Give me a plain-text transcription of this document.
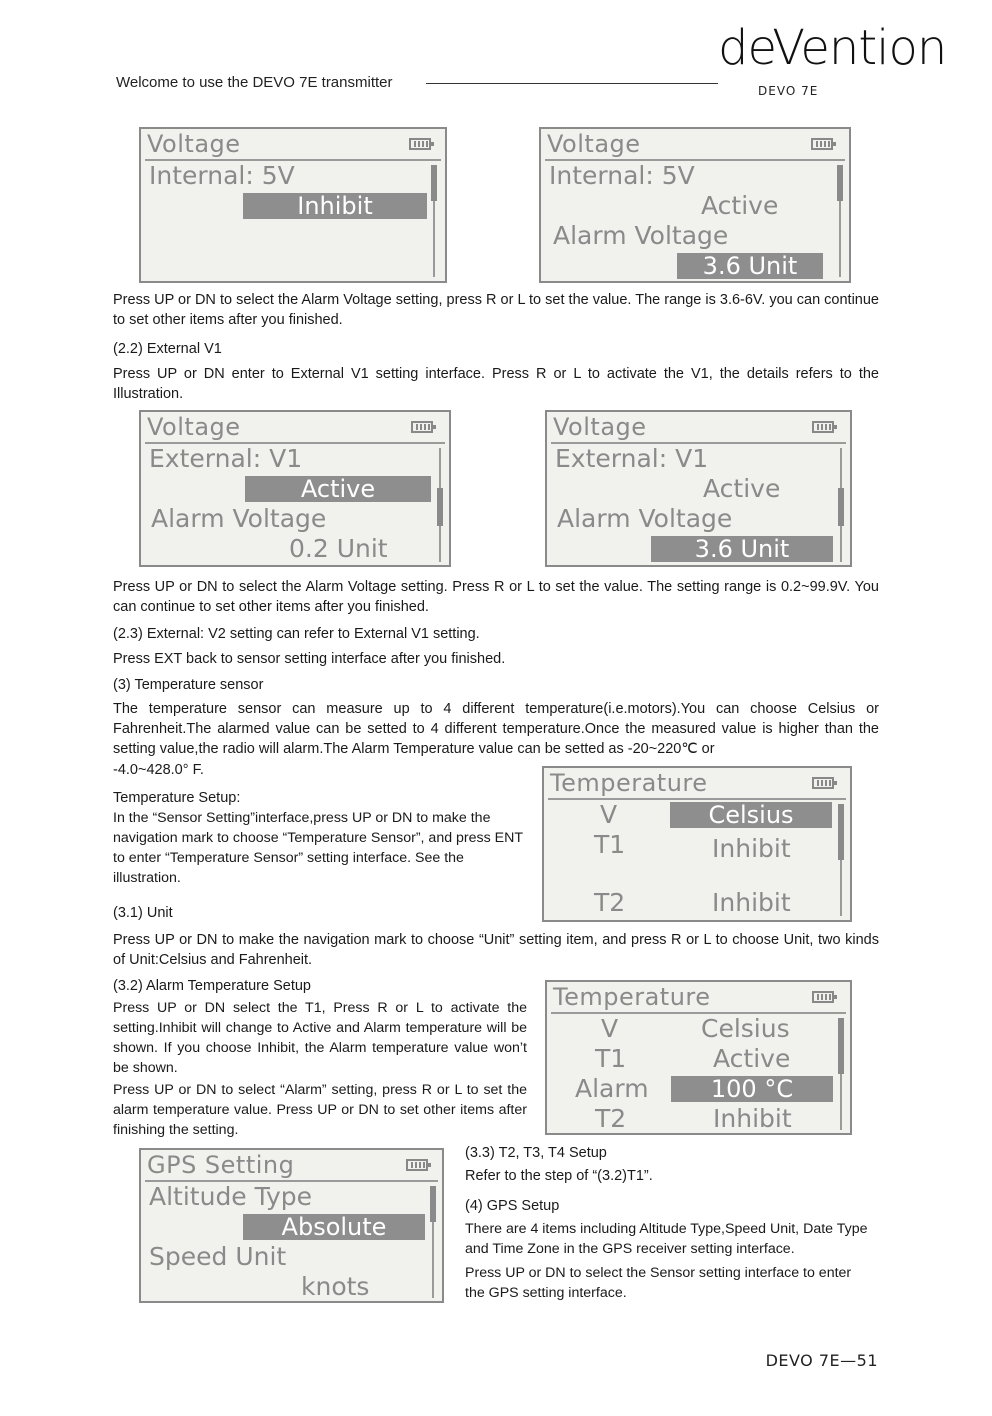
Welcome to use the DEVO 7E transmitter
deVention
DEVO 7E
Voltage
Internal: 5V
Inhibit
Voltage
Internal: 5V
Active
Alarm Voltage
3.6 Unit
Press UP or DN to select the Alarm Voltage setting, press R or L to set the value. The range is 3.6-6V. you can continue to set other items after you finished.
(2.2) External V1
Press UP or DN enter to External V1 setting interface. Press R or L to activate the V1, the details refers to the Illustration.
Voltage
External: V1
Active
Alarm Voltage
0.2 Unit
Voltage
External: V1
Active
Alarm Voltage
3.6 Unit
Press UP or DN to select the Alarm Voltage setting. Press R or L to set the value. The setting range is 0.2~99.9V. You can continue to set other items after you finished.
(2.3) External: V2 setting can refer to External V1 setting.
Press EXT back to sensor setting interface after you finished.
(3) Temperature sensor
The temperature sensor can measure up to 4 different temperature(i.e.motors).You can choose Celsius or Fahrenheit.The alarmed value can be setted to 4 different temperature.Once the measured value is higher than the setting value,the radio will alarm.The Alarm Temperature value can be setted as -20~220℃ or
-4.0~428.0° F.	Temperature
V	Celsius
T1	Inhibit
T2	Inhibit
Temperature Setup:
In the “Sensor Setting”interface,press UP or DN to make the navigation mark to choose “Temperature Sensor”, and press ENT to enter “Temperature Sensor” setting interface. See the illustration.
(3.1) Unit
Press UP or DN to make the navigation mark to choose “Unit” setting item, and press R or L to choose Unit, two kinds of Unit:Celsius and Fahrenheit.
(3.2) Alarm Temperature Setup
Press UP or DN select the T1, Press R or L to activate the setting.Inhibit will change to Active and Alarm temperature will be shown. If you choose Inhibit, the Alarm temperature value won’t be shown.
Press UP or DN to select “Alarm” setting, press R or L to set the alarm temperature value. Press UP or DN to set other items after finishing the setting.
Temperature
V	Celsius
T1	Active
Alarm	100 °C
T2	Inhibit
GPS Setting
Altitude Type
Absolute
Speed Unit
knots
(3.3) T2, T3, T4 Setup
Refer to the step of “(3.2)T1”.
(4) GPS Setup
There are 4 items including Altitude Type,Speed Unit, Date Type and Time Zone in the GPS receiver setting interface.
Press UP or DN to select the Sensor setting interface to enter the GPS setting interface.
DEVO 7E—51
